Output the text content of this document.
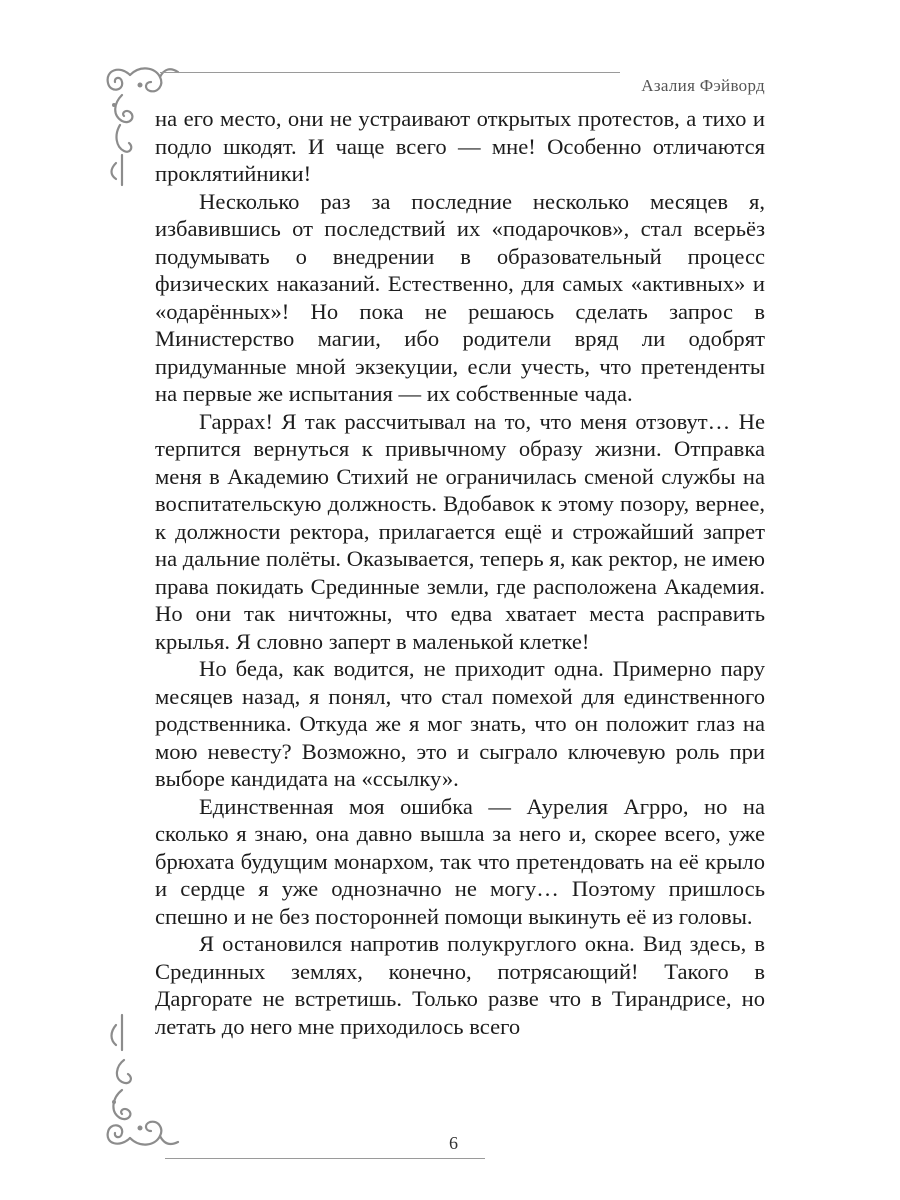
Азалия Фэйворд

на его место, они не устраивают открытых протестов, а тихо и подло шкодят. И чаще всего — мне! Особенно отличаются проклятийники!

Несколько раз за последние несколько месяцев я, избавившись от последствий их «подарочков», стал всерьёз подумывать о внедрении в образовательный процесс физических наказаний. Естественно, для самых «активных» и «одарённых»! Но пока не решаюсь сделать запрос в Министерство магии, ибо родители вряд ли одобрят придуманные мной экзекуции, если учесть, что претенденты на первые же испытания — их собственные чада.

Гаррах! Я так рассчитывал на то, что меня отзовут… Не терпится вернуться к привычному образу жизни. Отправка меня в Академию Стихий не ограничилась сменой службы на воспитательскую должность. Вдобавок к этому позору, вернее, к должности ректора, прилагается ещё и строжайший запрет на дальние полёты. Оказывается, теперь я, как ректор, не имею права покидать Срединные земли, где расположена Академия. Но они так ничтожны, что едва хватает места расправить крылья. Я словно заперт в маленькой клетке!

Но беда, как водится, не приходит одна. Примерно пару месяцев назад, я понял, что стал помехой для единственного родственника. Откуда же я мог знать, что он положит глаз на мою невесту? Возможно, это и сыграло ключевую роль при выборе кандидата на «ссылку».

Единственная моя ошибка — Аурелия Агрро, но на сколько я знаю, она давно вышла за него и, скорее всего, уже брюхата будущим монархом, так что претендовать на её крыло и сердце я уже однозначно не могу… Поэтому пришлось спешно и не без посторонней помощи выкинуть её из головы.

Я остановился напротив полукруглого окна. Вид здесь, в Срединных землях, конечно, потрясающий! Такого в Даргорате не встретишь. Только разве что в Тирандрисе, но летать до него мне приходилось всего

6
